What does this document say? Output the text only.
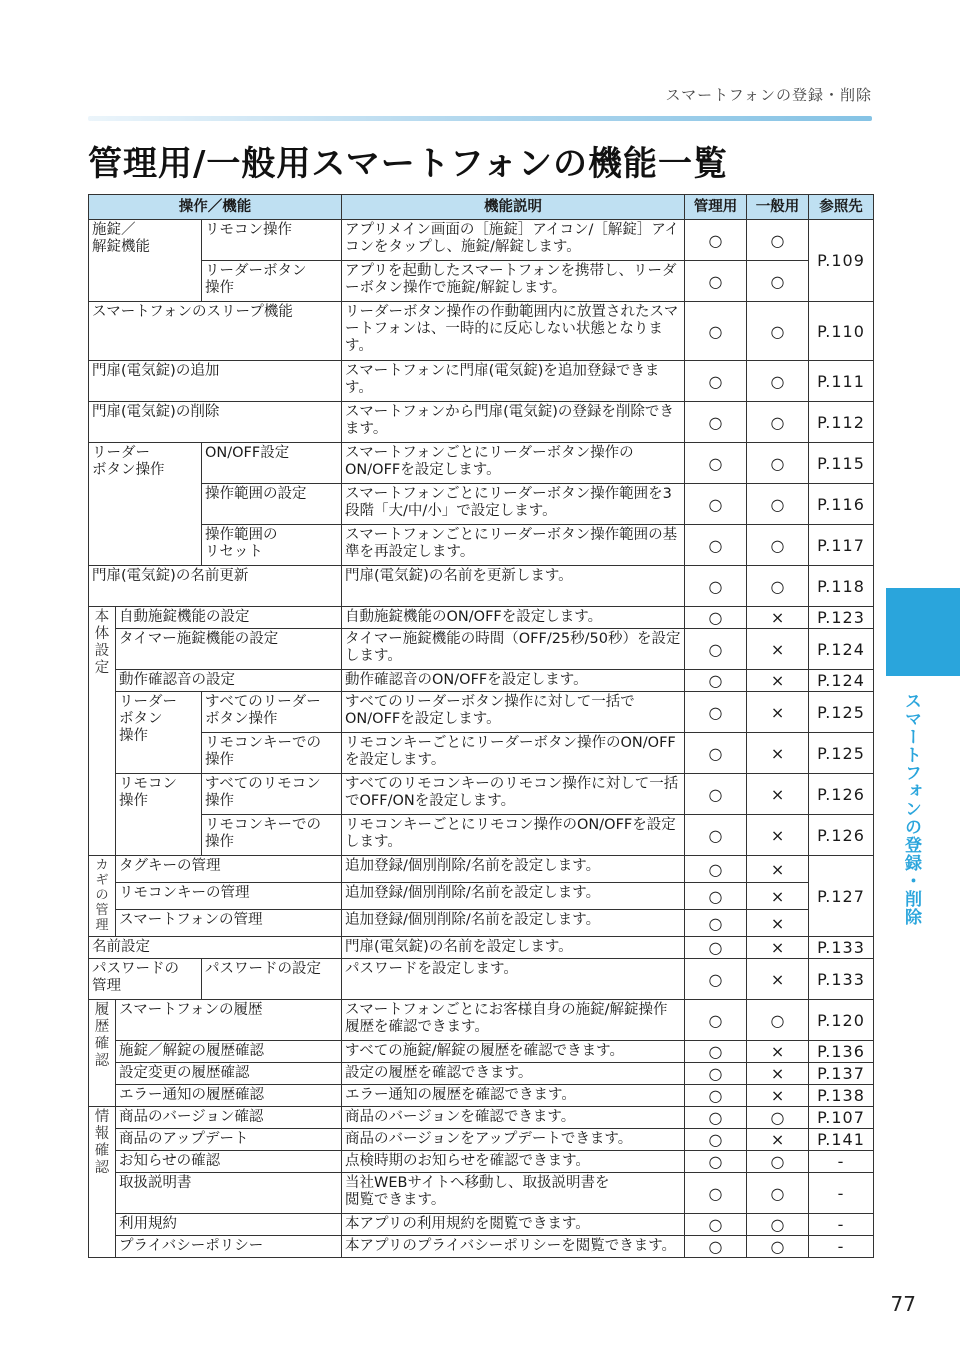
スマートフォンの登録・削除
管理用/一般用スマートフォンの機能一覧
操作／機能			機能説明	管理用	一般用	参照先
施錠／
解錠機能		リモコン操作	アプリメイン画面の［施錠］アイコン/［解錠］アイコンをタップし、施錠/解錠します。	○	○	P.109
		リーダーボタン
操作	アプリを起動したスマートフォンを携帯し、リーダーボタン操作で施錠/解錠します。	○	○	
スマートフォンのスリープ機能			リーダーボタン操作の作動範囲内に放置されたスマートフォンは、一時的に反応しない状態となります。	○	○	P.110
門扉(電気錠)の追加			スマートフォンに門扉(電気錠)を追加登録できます。	○	○	P.111
門扉(電気錠)の削除			スマートフォンから門扉(電気錠)の登録を削除できます。	○	○	P.112
リーダー
ボタン操作		ON/OFF設定	スマートフォンごとにリーダーボタン操作のON/OFFを設定します。	○	○	P.115
		操作範囲の設定	スマートフォンごとにリーダーボタン操作範囲を3段階「大/中/小」で設定します。	○	○	P.116
		操作範囲の
リセット	スマートフォンごとにリーダーボタン操作範囲の基準を再設定します。	○	○	P.117
門扉(電気錠)の名前更新			門扉(電気錠)の名前を更新します。	○	○	P.118
本体設定	自動施錠機能の設定		自動施錠機能のON/OFFを設定します。	○	×	P.123
	タイマー施錠機能の設定		タイマー施錠機能の時間（OFF/25秒/50秒）を設定します。	○	×	P.124
	動作確認音の設定		動作確認音のON/OFFを設定します。	○	×	P.124
	リーダー
ボタン
操作	すべてのリーダー
ボタン操作	すべてのリーダーボタン操作に対して一括でON/OFFを設定します。	○	×	P.125
		リモコンキーでの
操作	リモコンキーごとにリーダーボタン操作のON/OFFを設定します。	○	×	P.125
	リモコン
操作	すべてのリモコン
操作	すべてのリモコンキーのリモコン操作に対して一括でOFF/ONを設定します。	○	×	P.126
		リモコンキーでの
操作	リモコンキーごとにリモコン操作のON/OFFを設定します。	○	×	P.126
カギの管理	タグキーの管理		追加登録/個別削除/名前を設定します。	○	×	P.127
	リモコンキーの管理		追加登録/個別削除/名前を設定します。	○	×	
	スマートフォンの管理		追加登録/個別削除/名前を設定します。	○	×	
名前設定			門扉(電気錠)の名前を設定します。	○	×	P.133
パスワードの
管理		パスワードの設定	パスワードを設定します。	○	×	P.133
履歴確認	スマートフォンの履歴		スマートフォンごとにお客様自身の施錠/解錠操作履歴を確認できます。	○	○	P.120
	施錠／解錠の履歴確認		すべての施錠/解錠の履歴を確認できます。	○	×	P.136
	設定変更の履歴確認		設定の履歴を確認できます。	○	×	P.137
	エラー通知の履歴確認		エラー通知の履歴を確認できます。	○	×	P.138
情報確認	商品のバージョン確認		商品のバージョンを確認できます。	○	○	P.107
	商品のアップデート		商品のバージョンをアップデートできます。	○	×	P.141
	お知らせの確認		点検時期のお知らせを確認できます。	○	○	-
	取扱説明書		当社WEBサイトへ移動し、取扱説明書を
閲覧できます。	○	○	-
	利用規約		本アプリの利用規約を閲覧できます。	○	○	-
	プライバシーポリシー		本アプリのプライバシーポリシーを閲覧できます。	○	○	-
スマートフォンの登録・削除
77
